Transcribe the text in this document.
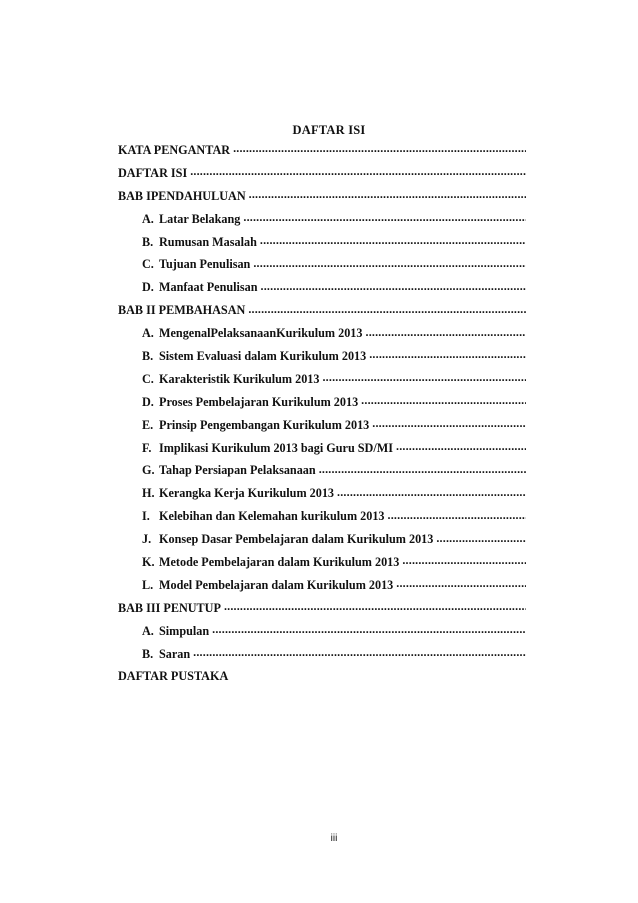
DAFTAR ISI
KATA PENGANTAR
.....
DAFTAR ISI
.....
BAB IPENDAHULUAN
.....
A. Latar Belakang
.....
B. Rumusan Masalah
.....
C. Tujuan Penulisan
.....
D. Manfaat Penulisan
.....
BAB II PEMBAHASAN
.....
A. MengenalPelaksanaanKurikulum 2013
.....
B. Sistem Evaluasi dalam Kurikulum 2013
.....
C. Karakteristik Kurikulum 2013
.....
D. Proses Pembelajaran Kurikulum 2013
.....
E. Prinsip Pengembangan Kurikulum 2013
.....
F. Implikasi Kurikulum 2013 bagi Guru SD/MI
.....
G. Tahap Persiapan Pelaksanaan
.....
H. Kerangka Kerja Kurikulum 2013
.....
I. Kelebihan dan Kelemahan kurikulum 2013
.....
J. Konsep Dasar Pembelajaran dalam Kurikulum 2013
.....
K. Metode Pembelajaran dalam Kurikulum 2013
.....
L. Model Pembelajaran dalam Kurikulum 2013
.....
BAB III PENUTUP
.....
A. Simpulan
.....
B. Saran
.....
DAFTAR PUSTAKA
iii
